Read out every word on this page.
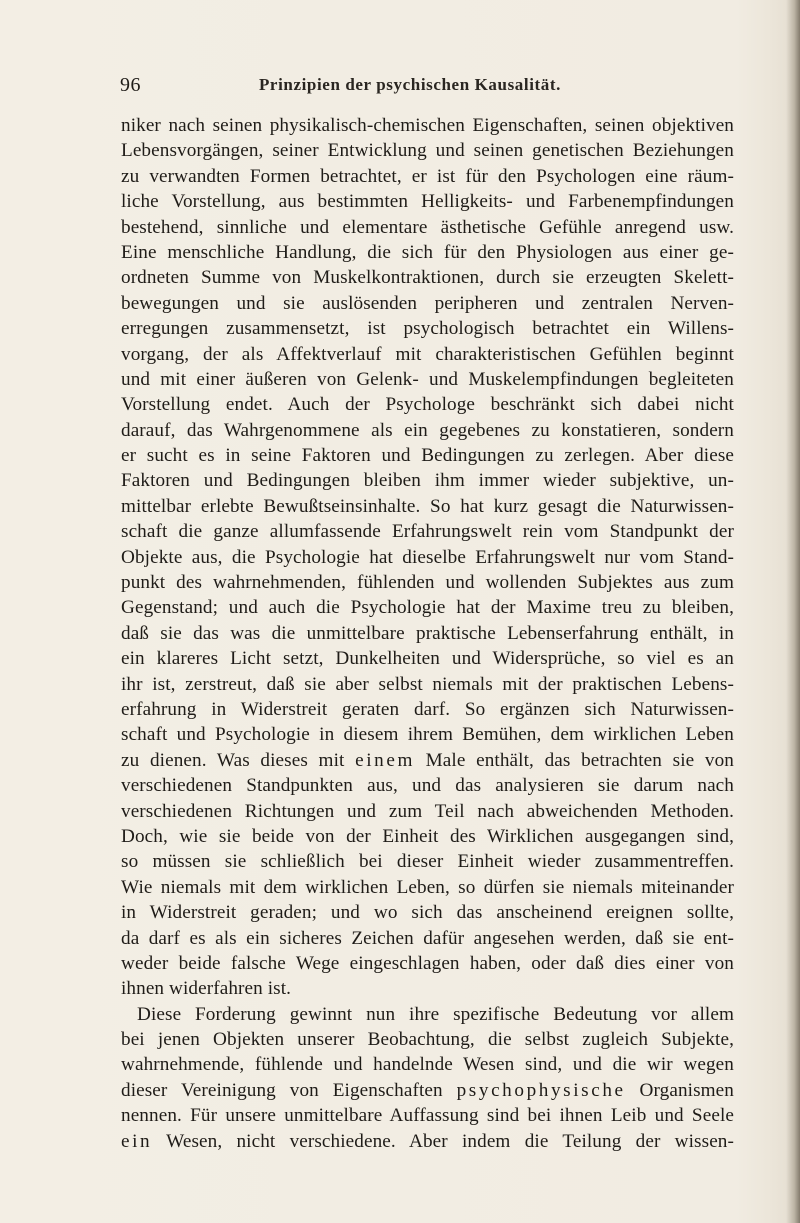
96	Prinzipien der psychischen Kausalität.
niker nach seinen physikalisch-chemischen Eigenschaften, seinen objektiven
Lebensvorgängen, seiner Entwicklung und seinen genetischen Beziehungen
zu verwandten Formen betrachtet, er ist für den Psychologen eine räum-
liche Vorstellung, aus bestimmten Helligkeits- und Farbenempfindungen
bestehend, sinnliche und elementare ästhetische Gefühle anregend usw.
Eine menschliche Handlung, die sich für den Physiologen aus einer ge-
ordneten Summe von Muskelkontraktionen, durch sie erzeugten Skelett-
bewegungen und sie auslösenden peripheren und zentralen Nerven-
erregungen zusammensetzt, ist psychologisch betrachtet ein Willens-
vorgang, der als Affektverlauf mit charakteristischen Gefühlen beginnt
und mit einer äußeren von Gelenk- und Muskelempfindungen begleiteten
Vorstellung endet. Auch der Psychologe beschränkt sich dabei nicht
darauf, das Wahrgenommene als ein gegebenes zu konstatieren, sondern
er sucht es in seine Faktoren und Bedingungen zu zerlegen. Aber diese
Faktoren und Bedingungen bleiben ihm immer wieder subjektive, un-
mittelbar erlebte Bewußtseinsinhalte. So hat kurz gesagt die Naturwissen-
schaft die ganze allumfassende Erfahrungswelt rein vom Standpunkt der
Objekte aus, die Psychologie hat dieselbe Erfahrungswelt nur vom Stand-
punkt des wahrnehmenden, fühlenden und wollenden Subjektes aus zum
Gegenstand; und auch die Psychologie hat der Maxime treu zu bleiben,
daß sie das was die unmittelbare praktische Lebenserfahrung enthält, in
ein klareres Licht setzt, Dunkelheiten und Widersprüche, so viel es an
ihr ist, zerstreut, daß sie aber selbst niemals mit der praktischen Lebens-
erfahrung in Widerstreit geraten darf. So ergänzen sich Naturwissen-
schaft und Psychologie in diesem ihrem Bemühen, dem wirklichen Leben
zu dienen. Was dieses mit einem Male enthält, das betrachten sie von
verschiedenen Standpunkten aus, und das analysieren sie darum nach
verschiedenen Richtungen und zum Teil nach abweichenden Methoden.
Doch, wie sie beide von der Einheit des Wirklichen ausgegangen sind,
so müssen sie schließlich bei dieser Einheit wieder zusammentreffen.
Wie niemals mit dem wirklichen Leben, so dürfen sie niemals miteinander
in Widerstreit geraden; und wo sich das anscheinend ereignen sollte,
da darf es als ein sicheres Zeichen dafür angesehen werden, daß sie ent-
weder beide falsche Wege eingeschlagen haben, oder daß dies einer von
ihnen widerfahren ist.
Diese Forderung gewinnt nun ihre spezifische Bedeutung vor allem
bei jenen Objekten unserer Beobachtung, die selbst zugleich Subjekte,
wahrnehmende, fühlende und handelnde Wesen sind, und die wir wegen
dieser Vereinigung von Eigenschaften psychophysische Organismen
nennen. Für unsere unmittelbare Auffassung sind bei ihnen Leib und Seele
ein Wesen, nicht verschiedene. Aber indem die Teilung der wissen-
